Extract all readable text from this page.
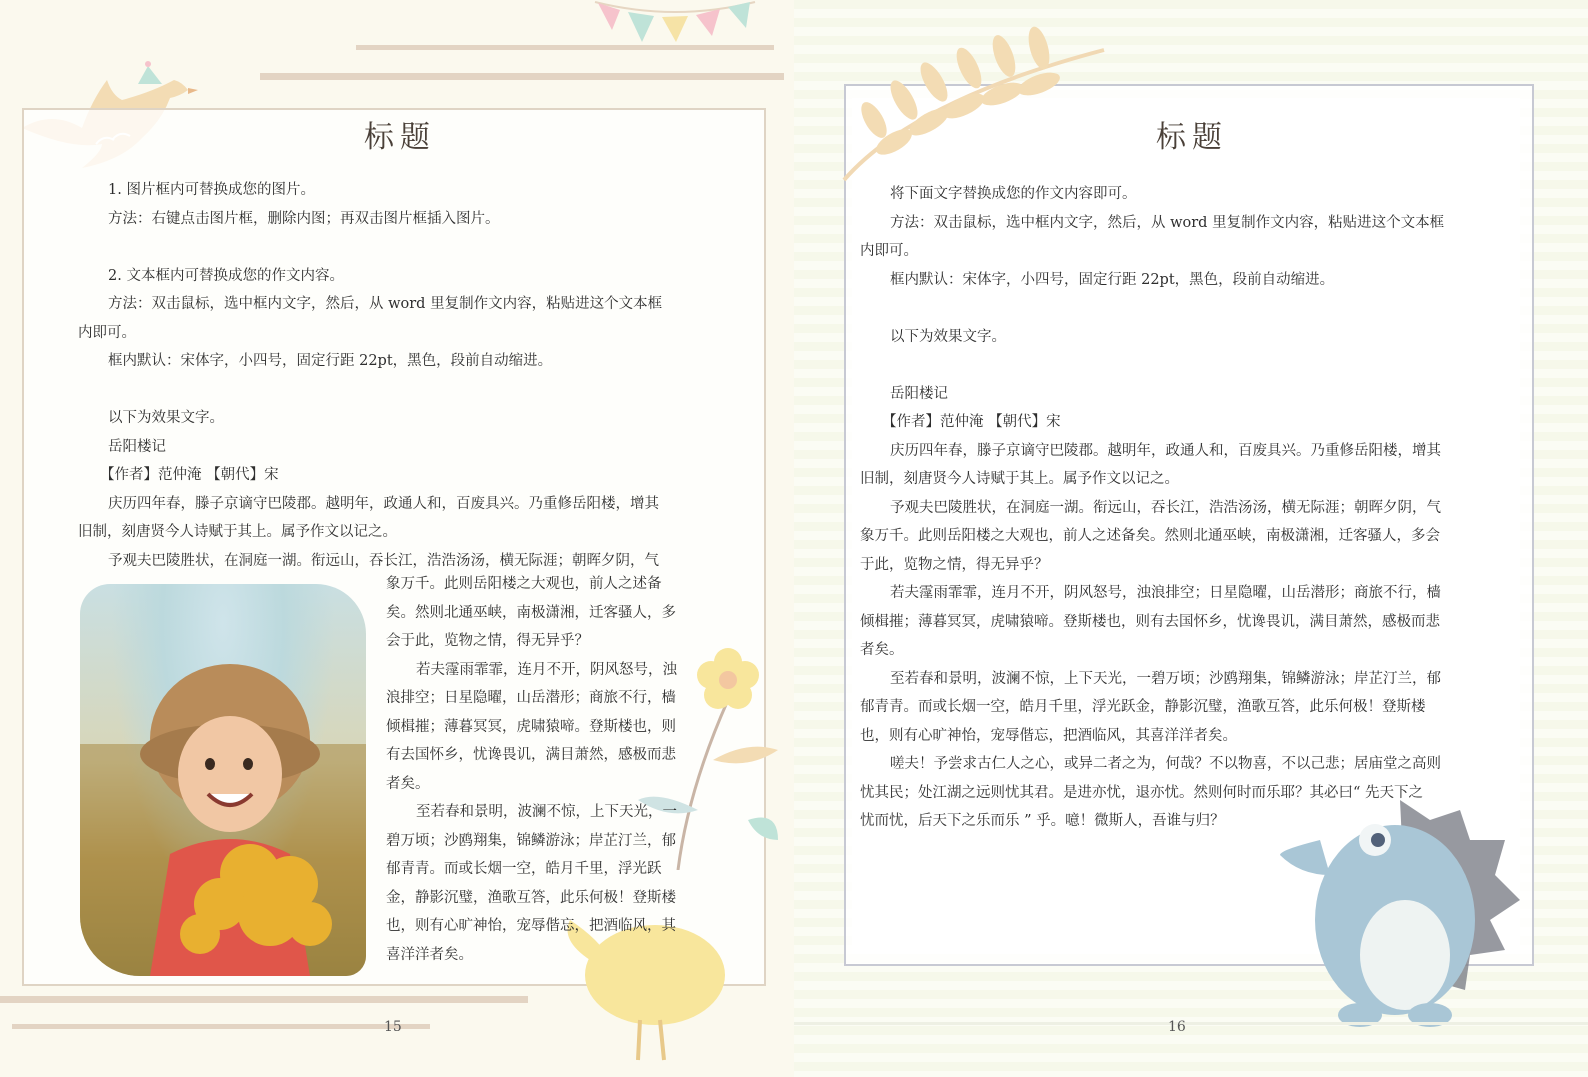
标题

1. 图片框内可替换成您的图片。

方法：右键点击图片框，删除内图；再双击图片框插入图片。

2. 文本框内可替换成您的作文内容。

方法：双击鼠标，选中框内文字，然后，从 word 里复制作文内容，粘贴进这个文本框

内即可。

框内默认：宋体字，小四号，固定行距 22pt，黑色，段前自动缩进。

以下为效果文字。

岳阳楼记

【作者】范仲淹 【朝代】宋

庆历四年春，滕子京谪守巴陵郡。越明年，政通人和，百废具兴。乃重修岳阳楼，增其

旧制，刻唐贤今人诗赋于其上。属予作文以记之。

予观夫巴陵胜状，在洞庭一湖。衔远山，吞长江，浩浩汤汤，横无际涯；朝晖夕阴，气

象万千。此则岳阳楼之大观也，前人之述备

矣。然则北通巫峡，南极潇湘，迁客骚人，多

会于此，览物之情，得无异乎？

若夫霪雨霏霏，连月不开，阴风怒号，浊

浪排空；日星隐曜，山岳潜形；商旅不行，樯

倾楫摧；薄暮冥冥，虎啸猿啼。登斯楼也，则

有去国怀乡，忧谗畏讥，满目萧然，感极而悲

者矣。

至若春和景明，波澜不惊，上下天光，一

碧万顷；沙鸥翔集，锦鳞游泳；岸芷汀兰，郁

郁青青。而或长烟一空，皓月千里，浮光跃

金，静影沉璧，渔歌互答，此乐何极！登斯楼

也，则有心旷神怡，宠辱偕忘，把酒临风，其

喜洋洋者矣。

15
标题

将下面文字替换成您的作文内容即可。

方法：双击鼠标，选中框内文字，然后，从 word 里复制作文内容，粘贴进这个文本框

内即可。

框内默认：宋体字，小四号，固定行距 22pt，黑色，段前自动缩进。

以下为效果文字。

岳阳楼记

【作者】范仲淹 【朝代】宋

庆历四年春，滕子京谪守巴陵郡。越明年，政通人和，百废具兴。乃重修岳阳楼，增其

旧制，刻唐贤今人诗赋于其上。属予作文以记之。

予观夫巴陵胜状，在洞庭一湖。衔远山，吞长江，浩浩汤汤，横无际涯；朝晖夕阴，气

象万千。此则岳阳楼之大观也，前人之述备矣。然则北通巫峡，南极潇湘，迁客骚人，多会

于此，览物之情，得无异乎？

若夫霪雨霏霏，连月不开，阴风怒号，浊浪排空；日星隐曜，山岳潜形；商旅不行，樯

倾楫摧；薄暮冥冥，虎啸猿啼。登斯楼也，则有去国怀乡，忧谗畏讥，满目萧然，感极而悲

者矣。

至若春和景明，波澜不惊，上下天光，一碧万顷；沙鸥翔集，锦鳞游泳；岸芷汀兰，郁

郁青青。而或长烟一空，皓月千里，浮光跃金，静影沉璧，渔歌互答，此乐何极！登斯楼

也，则有心旷神怡，宠辱偕忘，把酒临风，其喜洋洋者矣。

嗟夫！予尝求古仁人之心，或异二者之为，何哉？不以物喜，不以己悲；居庙堂之高则

忧其民；处江湖之远则忧其君。是进亦忧，退亦忧。然则何时而乐耶？其必曰“ 先天下之

忧而忧，后天下之乐而乐 ” 乎。噫！微斯人，吾谁与归？

16
